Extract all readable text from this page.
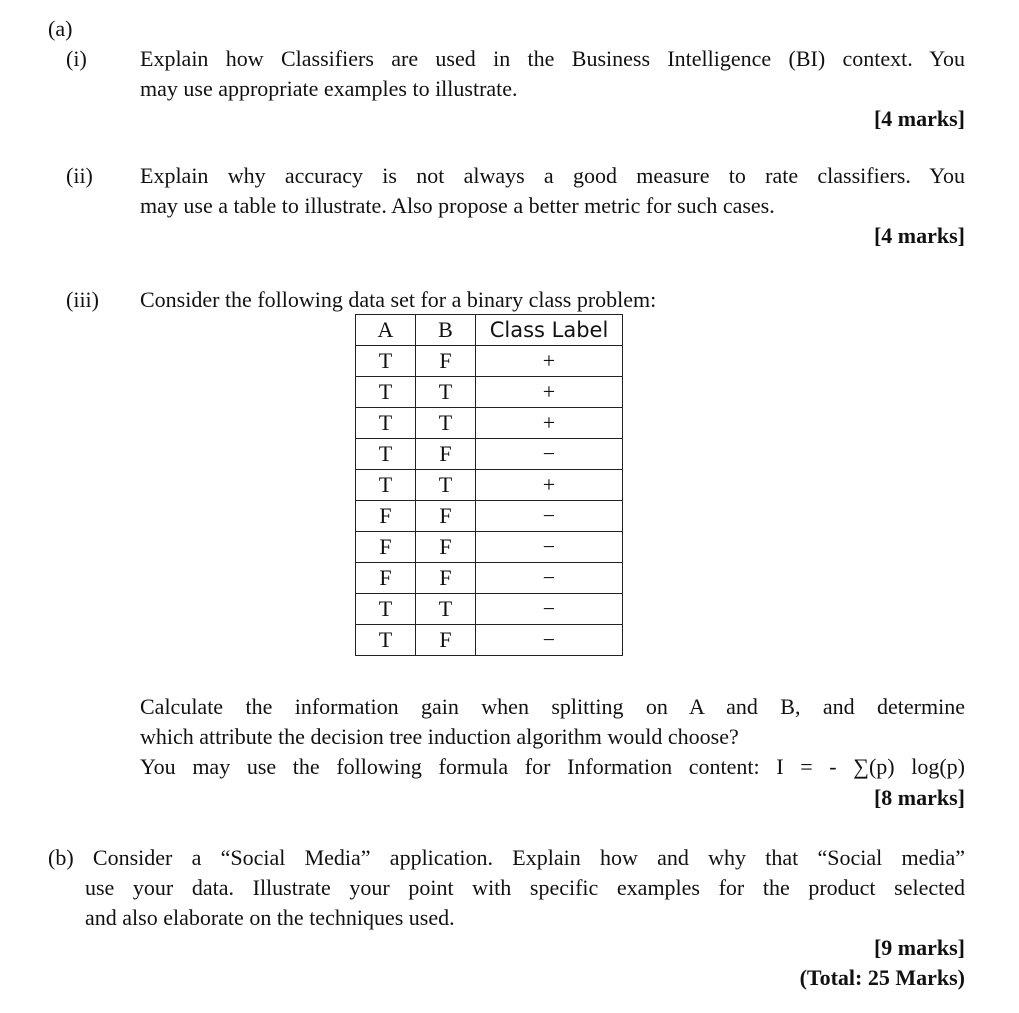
(a)
(i) Explain how Classifiers are used in the Business Intelligence (BI) context. You
may use appropriate examples to illustrate.
[4 marks]
(ii) Explain why accuracy is not always a good measure to rate classifiers. You
may use a table to illustrate. Also propose a better metric for such cases.
[4 marks]
(iii) Consider the following data set for a binary class problem:
A	B	Class Label
T	F	+
T	T	+
T	T	+
T	F	−
T	T	+
F	F	−
F	F	−
F	F	−
T	T	−
T	F	−
Calculate the information gain when splitting on A and B, and determine
which attribute the decision tree induction algorithm would choose?
You may use the following formula for Information content: I = - ∑(p) log(p)
[8 marks]
(b) Consider a “Social Media” application. Explain how and why that “Social media”
use your data. Illustrate your point with specific examples for the product selected
and also elaborate on the techniques used.
[9 marks]
(Total: 25 Marks)
